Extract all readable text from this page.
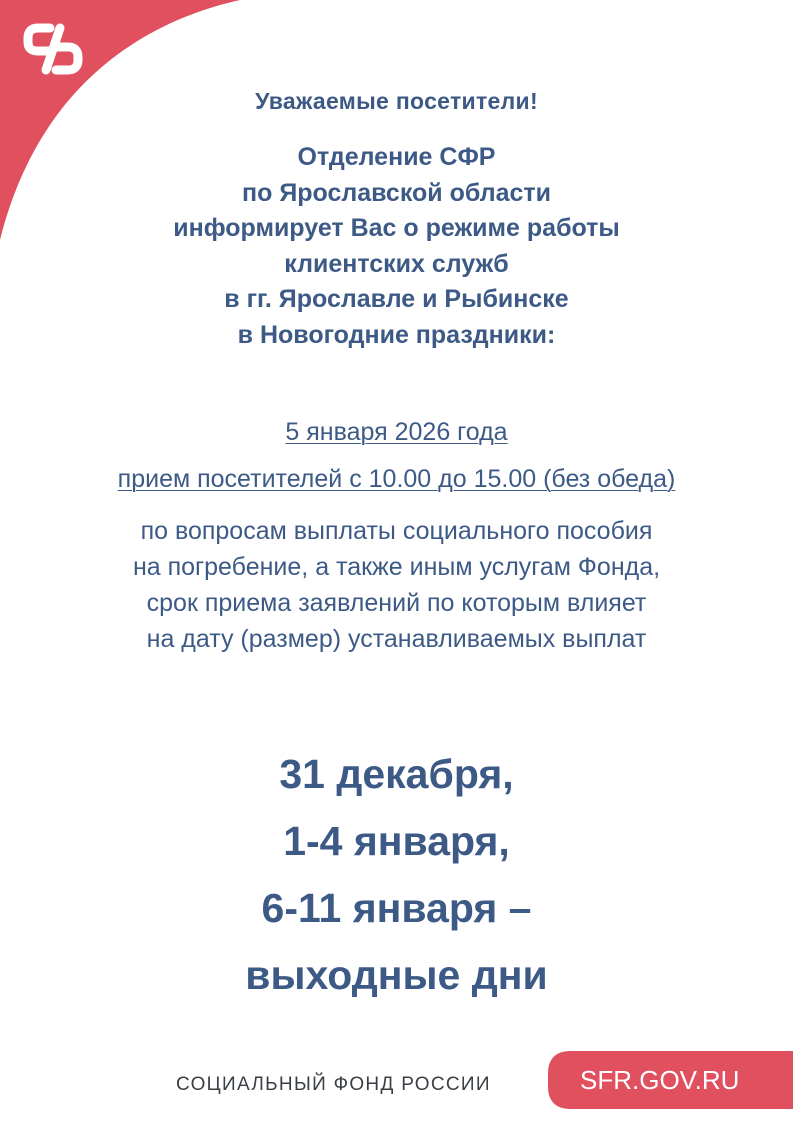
Уважаемые посетители!
Отделение СФР
по Ярославской области
информирует Вас о режиме работы
клиентских служб
в гг. Ярославле и Рыбинске
в Новогодние праздники:
5 января 2026 года
прием посетителей с 10.00 до 15.00 (без обеда)
по вопросам выплаты социального пособия
на погребение, а также иным услугам Фонда,
срок приема заявлений по которым влияет
на дату (размер) устанавливаемых выплат
31 декабря,
1-4 января,
6-11 января –
выходные дни
СОЦИАЛЬНЫЙ ФОНД РОССИИ	SFR.GOV.RU
